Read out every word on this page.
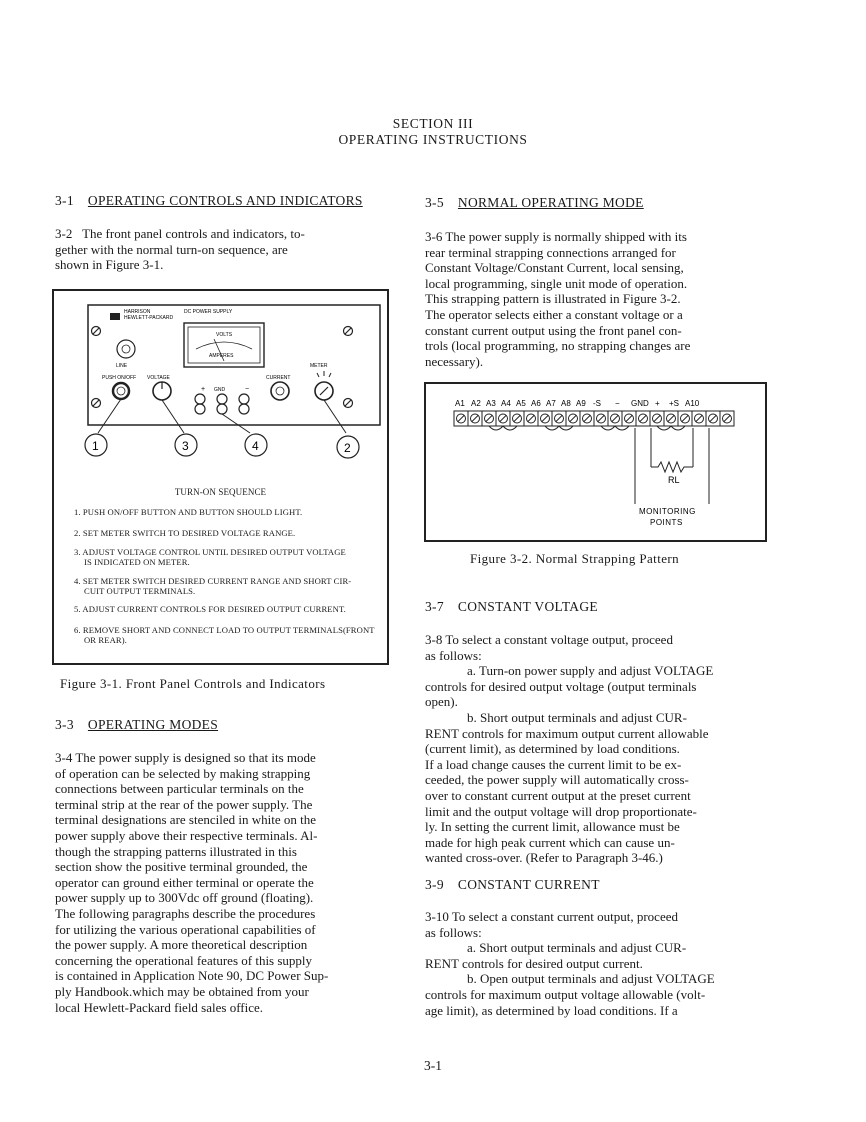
SECTION III
OPERATING INSTRUCTIONS
3-1 OPERATING CONTROLS AND INDICATORS

3-2 The front panel controls and indicators, to-

gether with the normal turn-on sequence, are

shown in Figure 3-1.

HARRISON
HEWLETT-PACKARD
DC POWER SUPPLY
VOLTS
AMPERES
LINE
PUSH ON/OFF VOLTAGE	CURRENT
METER
+ GND	−
1	3	4	2
TURN-ON SEQUENCE
1. PUSH ON/OFF BUTTON AND BUTTON SHOULD LIGHT.
2. SET METER SWITCH TO DESIRED VOLTAGE RANGE.
3. ADJUST VOLTAGE CONTROL UNTIL DESIRED OUTPUT VOLTAGE
IS INDICATED ON METER.
4. SET METER SWITCH DESIRED CURRENT RANGE AND SHORT CIR-
CUIT OUTPUT TERMINALS.
5. ADJUST CURRENT CONTROLS FOR DESIRED OUTPUT CURRENT.
6. REMOVE SHORT AND CONNECT LOAD TO OUTPUT TERMINALS(FRONT
OR REAR).
Figure 3-1. Front Panel Controls and Indicators
3-3 OPERATING MODES

3-4 The power supply is designed so that its mode

of operation can be selected by making strapping

connections between particular terminals on the

terminal strip at the rear of the power supply. The

terminal designations are stenciled in white on the

power supply above their respective terminals. Al-

though the strapping patterns illustrated in this

section show the positive terminal grounded, the

operator can ground either terminal or operate the

power supply up to 300Vdc off ground (floating).

The following paragraphs describe the procedures

for utilizing the various operational capabilities of

the power supply. A more theoretical description

concerning the operational features of this supply

is contained in Application Note 90, DC Power Sup-

ply Handbook.which may be obtained from your

local Hewlett-Packard field sales office.

3-5 NORMAL OPERATING MODE

3-6 The power supply is normally shipped with its

rear terminal strapping connections arranged for

Constant Voltage/Constant Current, local sensing,

local programming, single unit mode of operation.

This strapping pattern is illustrated in Figure 3-2.

The operator selects either a constant voltage or a

constant current output using the front panel con-

trols (local programming, no strapping changes are

necessary).

A1 A2 A3 A4 A5 A6 A7 A8 A9 -S − GND + +S A10
RL
MONITORING
POINTS
Figure 3-2. Normal Strapping Pattern
3-7 CONSTANT VOLTAGE

3-8 To select a constant voltage output, proceed

as follows:

a. Turn-on power supply and adjust VOLTAGE

controls for desired output voltage (output terminals

open).

b. Short output terminals and adjust CUR-

RENT controls for maximum output current allowable

(current limit), as determined by load conditions.

If a load change causes the current limit to be ex-

ceeded, the power supply will automatically cross-

over to constant current output at the preset current

limit and the output voltage will drop proportionate-

ly. In setting the current limit, allowance must be

made for high peak current which can cause un-

wanted cross-over. (Refer to Paragraph 3-46.)

3-9 CONSTANT CURRENT

3-10 To select a constant current output, proceed

as follows:

a. Short output terminals and adjust CUR-

RENT controls for desired output current.

b. Open output terminals and adjust VOLTAGE

controls for maximum output voltage allowable (volt-

age limit), as determined by load conditions. If a

3-1
